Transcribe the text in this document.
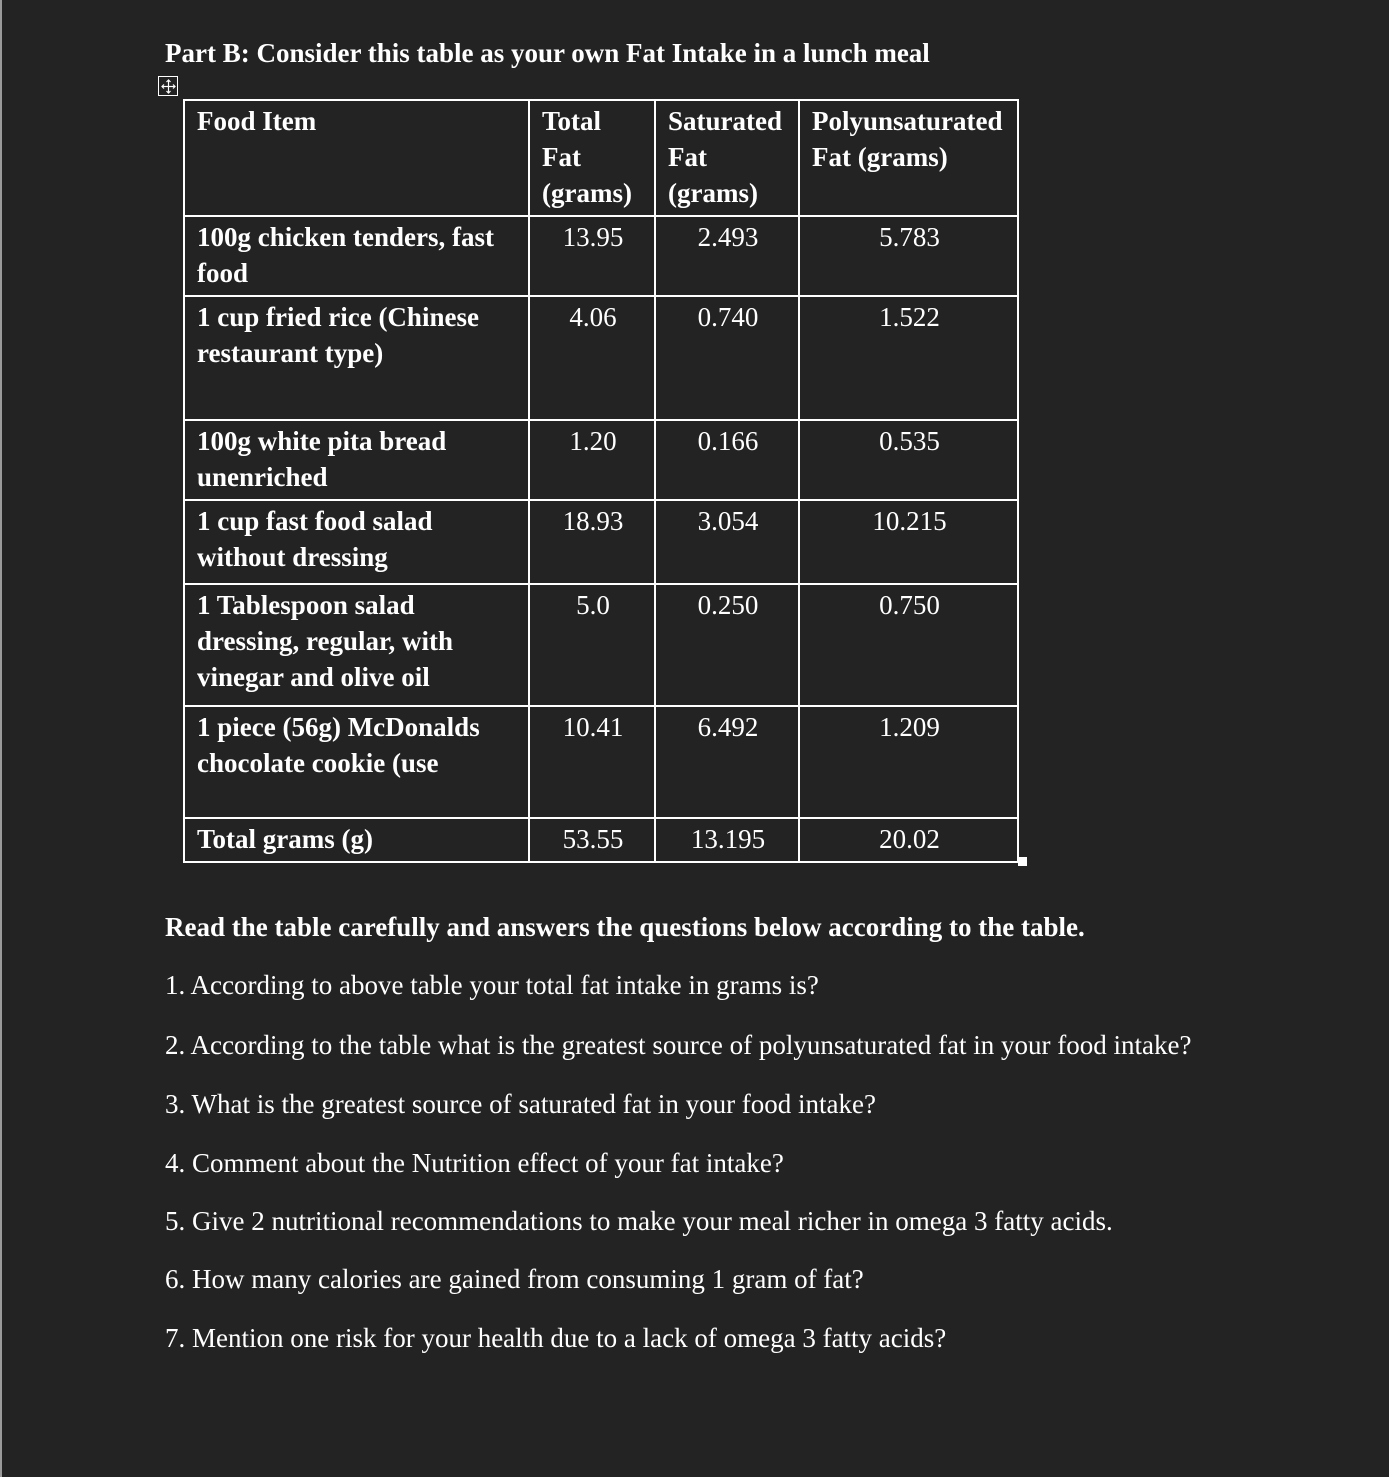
Part B: Consider this table as your own Fat Intake in a lunch meal
Food Item	Total Fat (grams)	Saturated Fat (grams)	Polyunsaturated Fat (grams)
100g chicken tenders, fast food	13.95	2.493	5.783
1 cup fried rice (Chinese restaurant type)	4.06	0.740	1.522
100g white pita bread unenriched	1.20	0.166	0.535
1 cup fast food salad without dressing	18.93	3.054	10.215
1 Tablespoon salad dressing, regular, with vinegar and olive oil	5.0	0.250	0.750
1 piece (56g) McDonalds chocolate cookie (use	10.41	6.492	1.209
Total grams (g)	53.55	13.195	20.02

Read the table carefully and answers the questions below according to the table.

1. According to above table your total fat intake in grams is?

2. According to the table what is the greatest source of polyunsaturated fat in your food intake?

3. What is the greatest source of saturated fat in your food intake?

4. Comment about the Nutrition effect of your fat intake?

5. Give 2 nutritional recommendations to make your meal richer in omega 3 fatty acids.

6. How many calories are gained from consuming 1 gram of fat?

7. Mention one risk for your health due to a lack of omega 3 fatty acids?
